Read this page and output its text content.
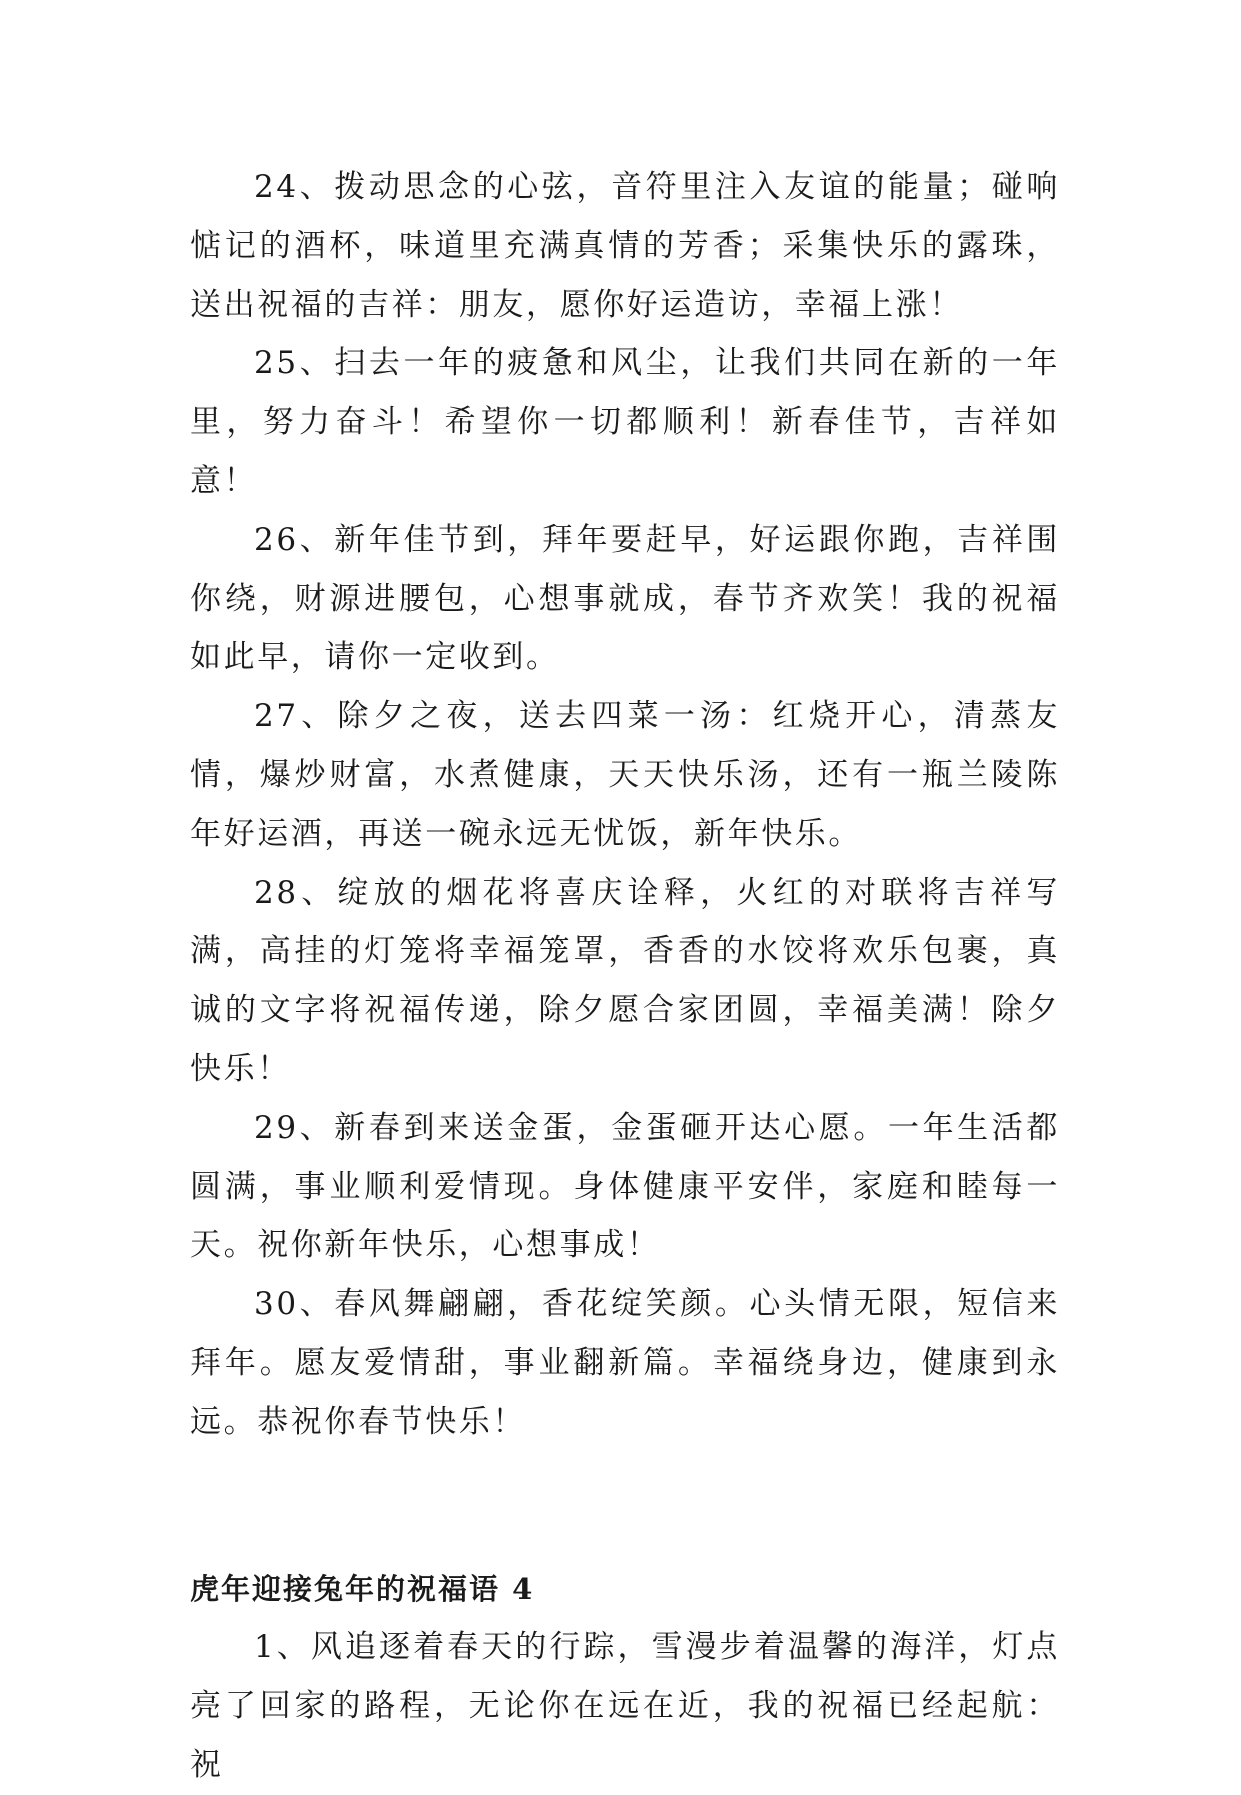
24、拨动思念的心弦，音符里注入友谊的能量；碰响惦记的酒杯，味道里充满真情的芳香；采集快乐的露珠，送出祝福的吉祥：朋友，愿你好运造访，幸福上涨！

25、扫去一年的疲惫和风尘，让我们共同在新的一年里，努力奋斗！希望你一切都顺利！新春佳节，吉祥如意！

26、新年佳节到，拜年要赶早，好运跟你跑，吉祥围你绕，财源进腰包，心想事就成，春节齐欢笑！我的祝福如此早，请你一定收到。

27、除夕之夜，送去四菜一汤：红烧开心，清蒸友情，爆炒财富，水煮健康，天天快乐汤，还有一瓶兰陵陈年好运酒，再送一碗永远无忧饭，新年快乐。

28、绽放的烟花将喜庆诠释，火红的对联将吉祥写满，高挂的灯笼将幸福笼罩，香香的水饺将欢乐包裹，真诚的文字将祝福传递，除夕愿合家团圆，幸福美满！除夕快乐！

29、新春到来送金蛋，金蛋砸开达心愿。一年生活都圆满，事业顺利爱情现。身体健康平安伴，家庭和睦每一天。祝你新年快乐，心想事成！

30、春风舞翩翩，香花绽笑颜。心头情无限，短信来拜年。愿友爱情甜，事业翻新篇。幸福绕身边，健康到永远。恭祝你春节快乐！

虎年迎接兔年的祝福语 4

1、风追逐着春天的行踪，雪漫步着温馨的海洋，灯点亮了回家的路程，无论你在远在近，我的祝福已经起航：祝
